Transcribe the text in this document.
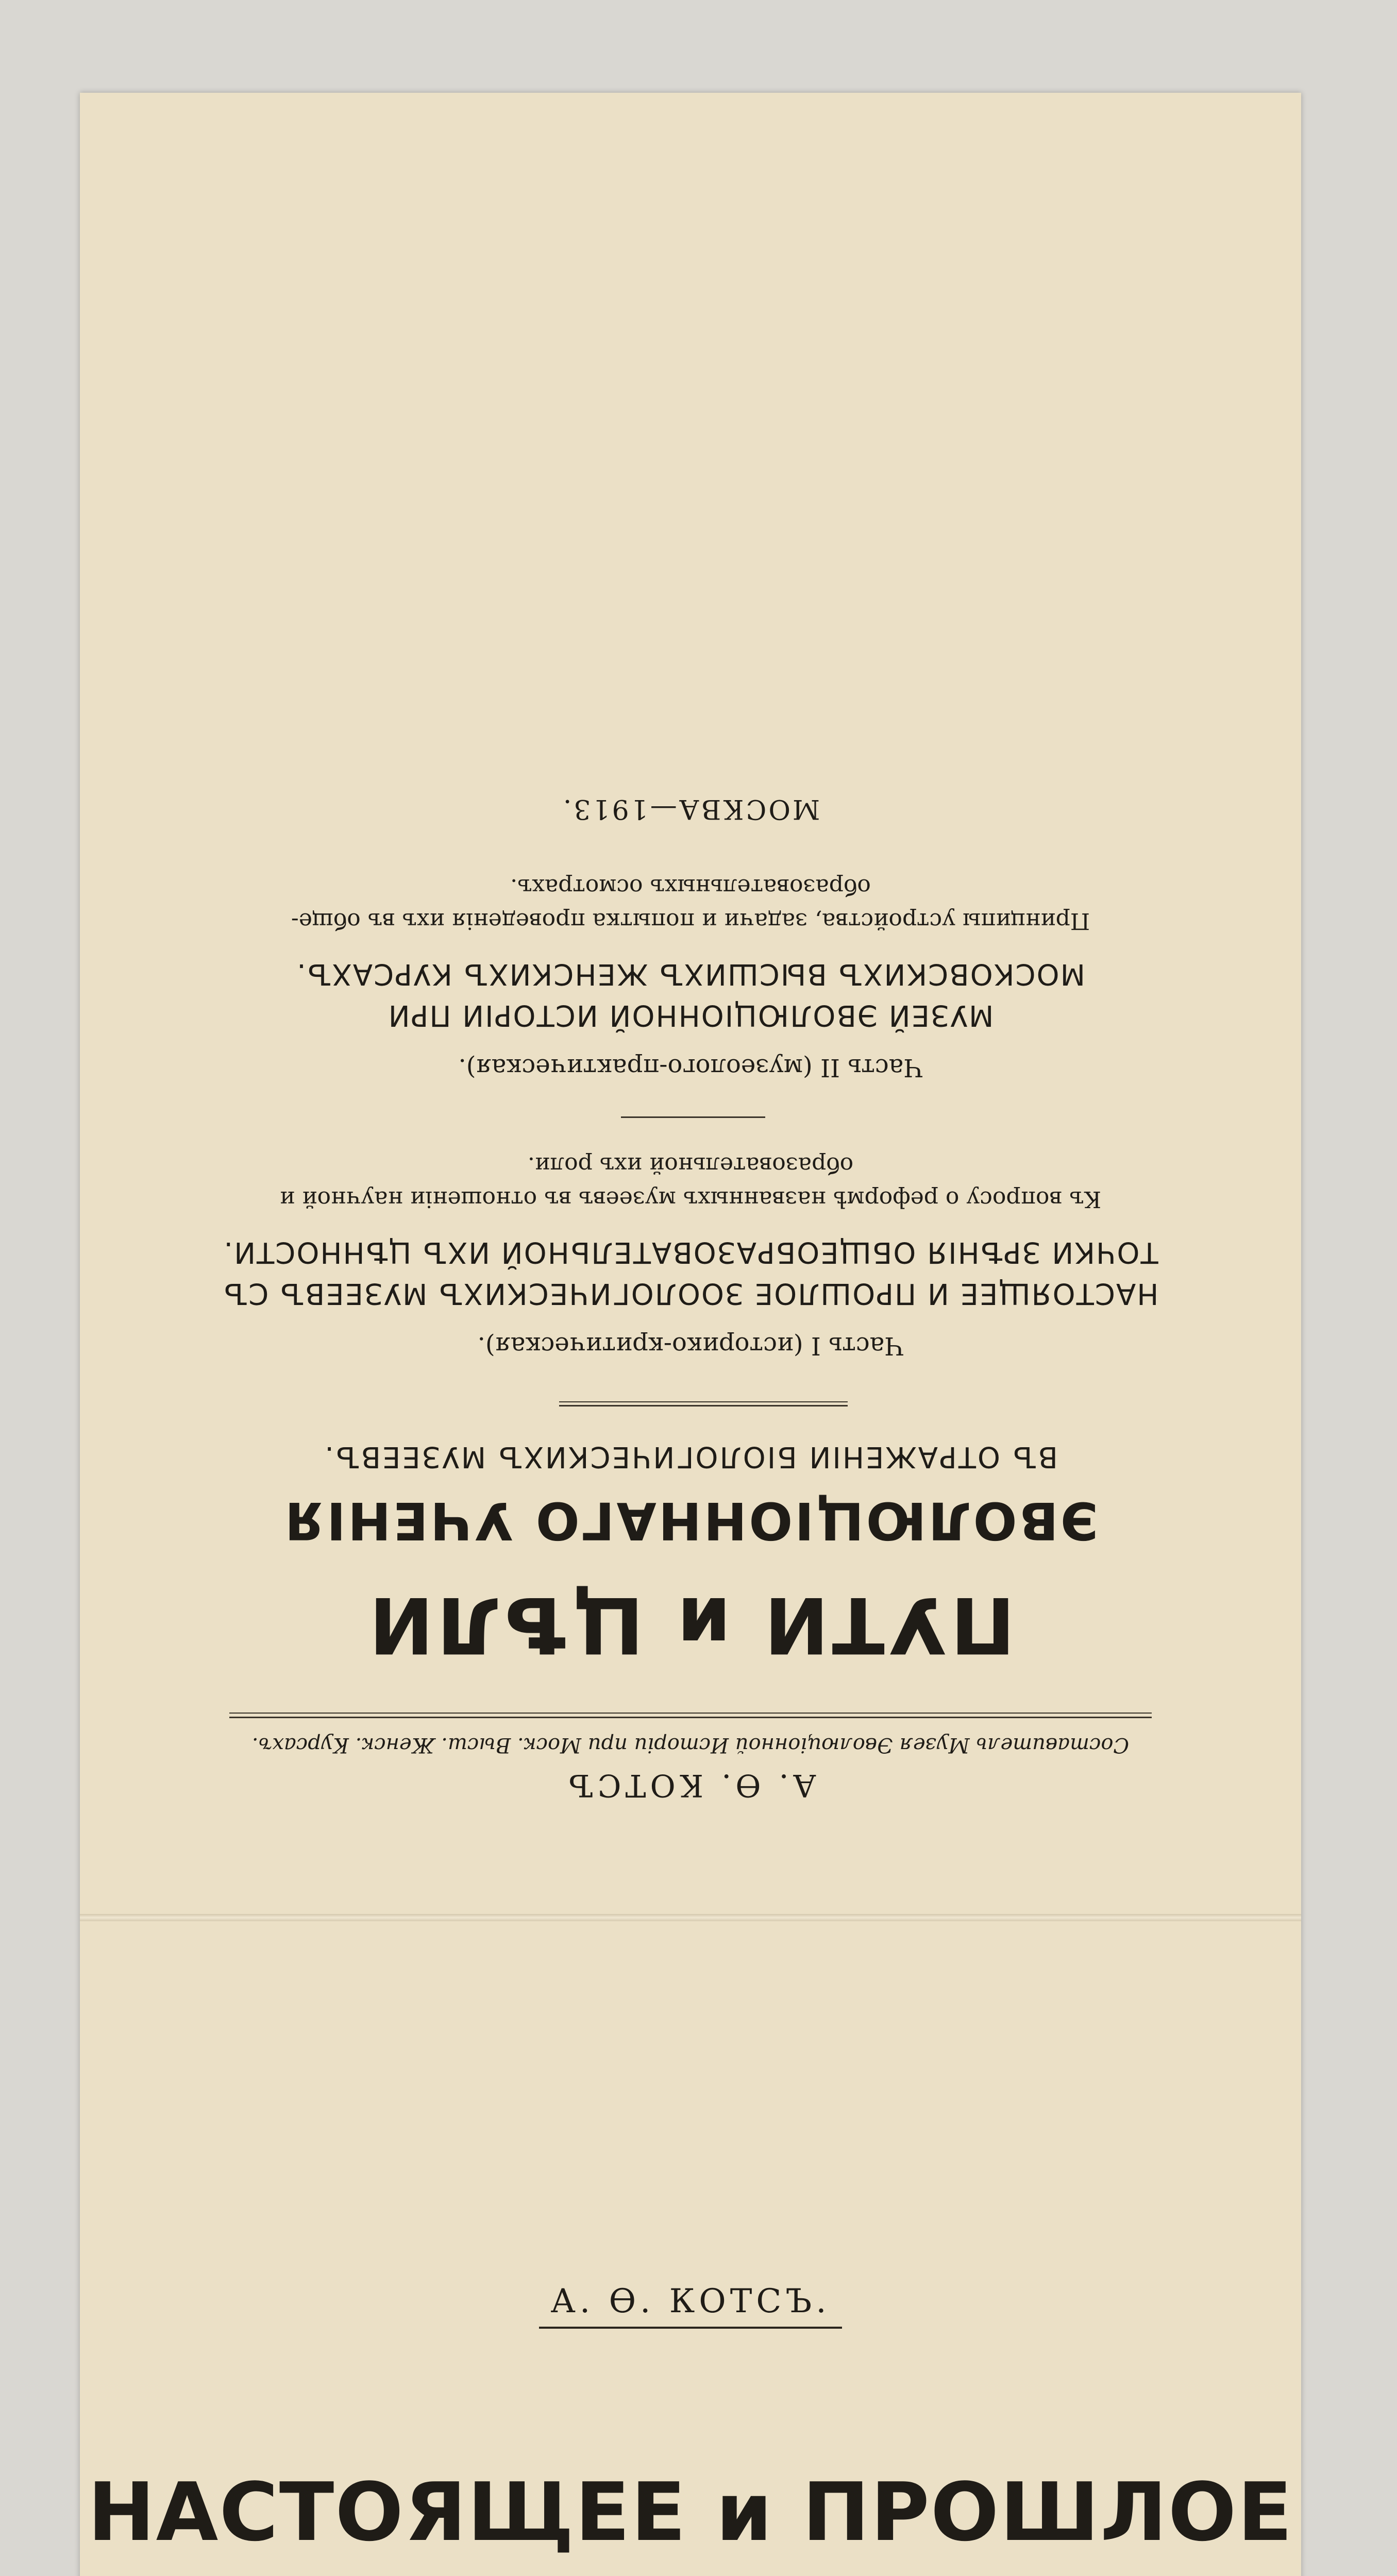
А. Ѳ. КОТСЪ
Составитель Музея Эволюціонной Исторіи при Моск. Высш. Женск. Курсахъ.
ПУТИ и ЦѢЛИ
ЭВОЛЮЦІОННАГО УЧЕНІЯ
ВЪ ОТРАЖЕНІИ БІОЛОГИЧЕСКИХЪ МУЗЕЕВЪ.
Часть I (историко-критическая).
НАСТОЯЩЕЕ И ПРОШЛОЕ ЗООЛОГИЧЕСКИХЪ МУЗЕЕВЪ СЪ ТОЧКИ ЗРѢНІЯ ОБЩЕОБРАЗОВАТЕЛЬНОЙ ИХЪ ЦѢННОСТИ.
Къ вопросу о реформѣ названныхъ музеевъ въ отношеніи научной и образовательной ихъ роли.
Часть II (музеолого-практическая).
МУЗЕЙ ЭВОЛЮЦІОННОЙ ИСТОРІИ ПРИ МОСКОВСКИХЪ ВЫСШИХЪ ЖЕНСКИХЪ КУРСАХЪ.
Принципы устройства, задачи и попытка проведенія ихъ въ обще-образовательныхъ осмотрахъ.
МОСКВА—1913.
А. Ѳ. КОТСЪ.
НАСТОЯЩЕЕ и ПРОШЛОЕ
